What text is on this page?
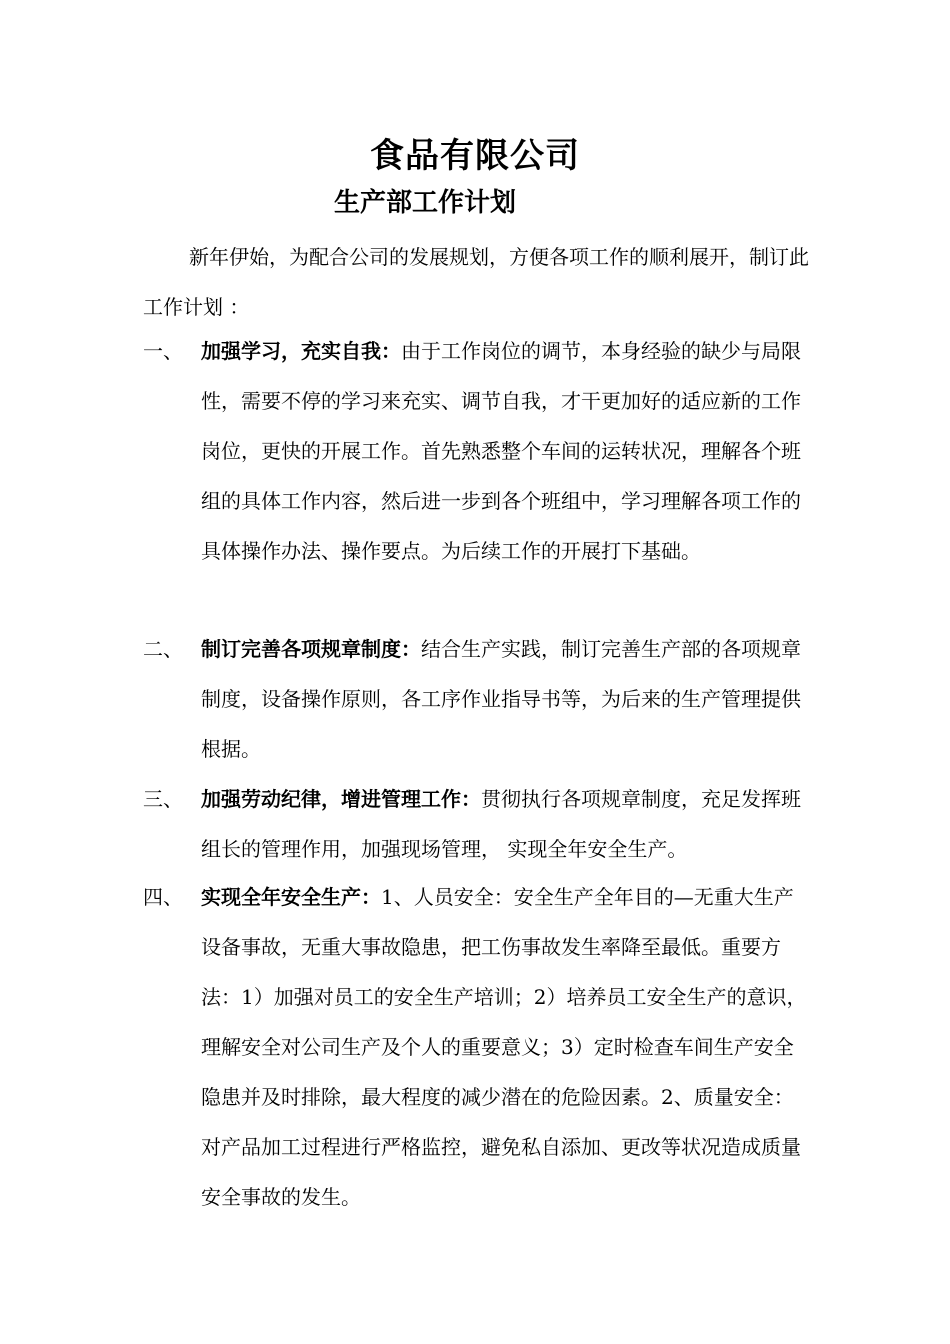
食品有限公司
生产部工作计划

新年伊始，为配合公司的发展规划，方便各项工作的顺利展开，制订此工作计划 ：

一、 加强学习，充实自我：由于工作岗位的调节，本身经验的缺少与局限性，需要不停的学习来充实、调节自我，才干更加好的适应新的工作岗位，更快的开展工作。首先熟悉整个车间的运转状况，理解各个班组的具体工作内容，然后进一步到各个班组中，学习理解各项工作的具体操作办法、操作要点。为后续工作的开展打下基础。
二、 制订完善各项规章制度：结合生产实践，制订完善生产部的各项规章制度，设备操作原则，各工序作业指导书等，为后来的生产管理提供根据。
三、 加强劳动纪律，增进管理工作：贯彻执行各项规章制度，充足发挥班组长的管理作用，加强现场管理， 实现全年安全生产。
四、 实现全年安全生产：1、人员安全：安全生产全年目的—无重大生产设备事故，无重大事故隐患，把工伤事故发生率降至最低。重要方法：1）加强对员工的安全生产培训；2）培养员工安全生产的意识，理解安全对公司生产及个人的重要意义；3）定时检查车间生产安全隐患并及时排除，最大程度的减少潜在的危险因素。2、质量安全：对产品加工过程进行严格监控，避免私自添加、更改等状况造成质量安全事故的发生。
